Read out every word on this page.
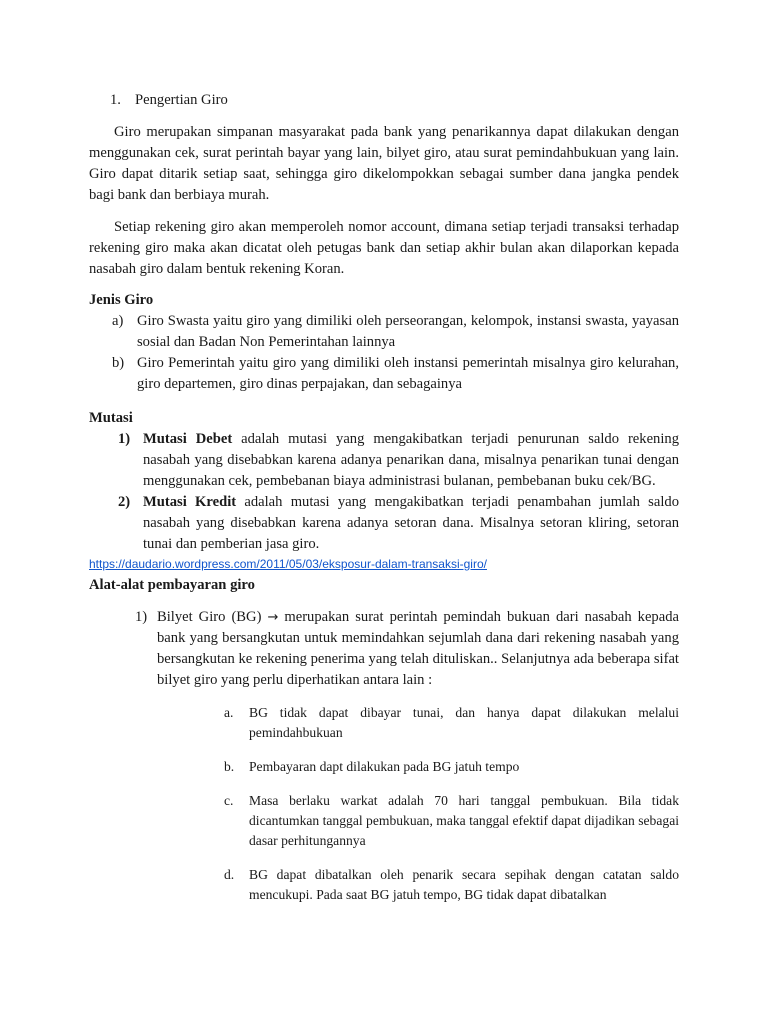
1. Pengertian Giro

Giro merupakan simpanan masyarakat pada bank yang penarikannya dapat dilakukan dengan menggunakan cek, surat perintah bayar yang lain, bilyet giro, atau surat pemindahbukuan yang lain. Giro dapat ditarik setiap saat, sehingga giro dikelompokkan sebagai sumber dana jangka pendek bagi bank dan berbiaya murah.

Setiap rekening giro akan memperoleh nomor account, dimana setiap terjadi transaksi terhadap rekening giro maka akan dicatat oleh petugas bank dan setiap akhir bulan akan dilaporkan kepada nasabah giro dalam bentuk rekening Koran.

Jenis Giro

a) Giro Swasta yaitu giro yang dimiliki oleh perseorangan, kelompok, instansi swasta, yayasan sosial dan Badan Non Pemerintahan lainnya
b) Giro Pemerintah yaitu giro yang dimiliki oleh instansi pemerintah misalnya giro kelurahan, giro departemen, giro dinas perpajakan, dan sebagainya

Mutasi

1) Mutasi Debet adalah mutasi yang mengakibatkan terjadi penurunan saldo rekening nasabah yang disebabkan karena adanya penarikan dana, misalnya penarikan tunai dengan menggunakan cek, pembebanan biaya administrasi bulanan, pembebanan buku cek/BG.
2) Mutasi Kredit adalah mutasi yang mengakibatkan terjadi penambahan jumlah saldo nasabah yang disebabkan karena adanya setoran dana. Misalnya setoran kliring, setoran tunai dan pemberian jasa giro.
https://daudario.wordpress.com/2011/05/03/eksposur-dalam-transaksi-giro/

Alat-alat pembayaran giro

1) Bilyet Giro (BG) → merupakan surat perintah pemindah bukuan dari nasabah kepada bank yang bersangkutan untuk memindahkan sejumlah dana dari rekening nasabah yang bersangkutan ke rekening penerima yang telah dituliskan.. Selanjutnya ada beberapa sifat bilyet giro yang perlu diperhatikan antara lain :
a.	BG tidak dapat dibayar tunai, dan hanya dapat dilakukan melalui pemindahbukuan
b.	Pembayaran dapt dilakukan pada BG jatuh tempo
c.	Masa berlaku warkat adalah 70 hari tanggal pembukuan. Bila tidak dicantumkan tanggal pembukuan, maka tanggal efektif dapat dijadikan sebagai dasar perhitungannya
d.	BG dapat dibatalkan oleh penarik secara sepihak dengan catatan saldo mencukupi. Pada saat BG jatuh tempo, BG tidak dapat dibatalkan
